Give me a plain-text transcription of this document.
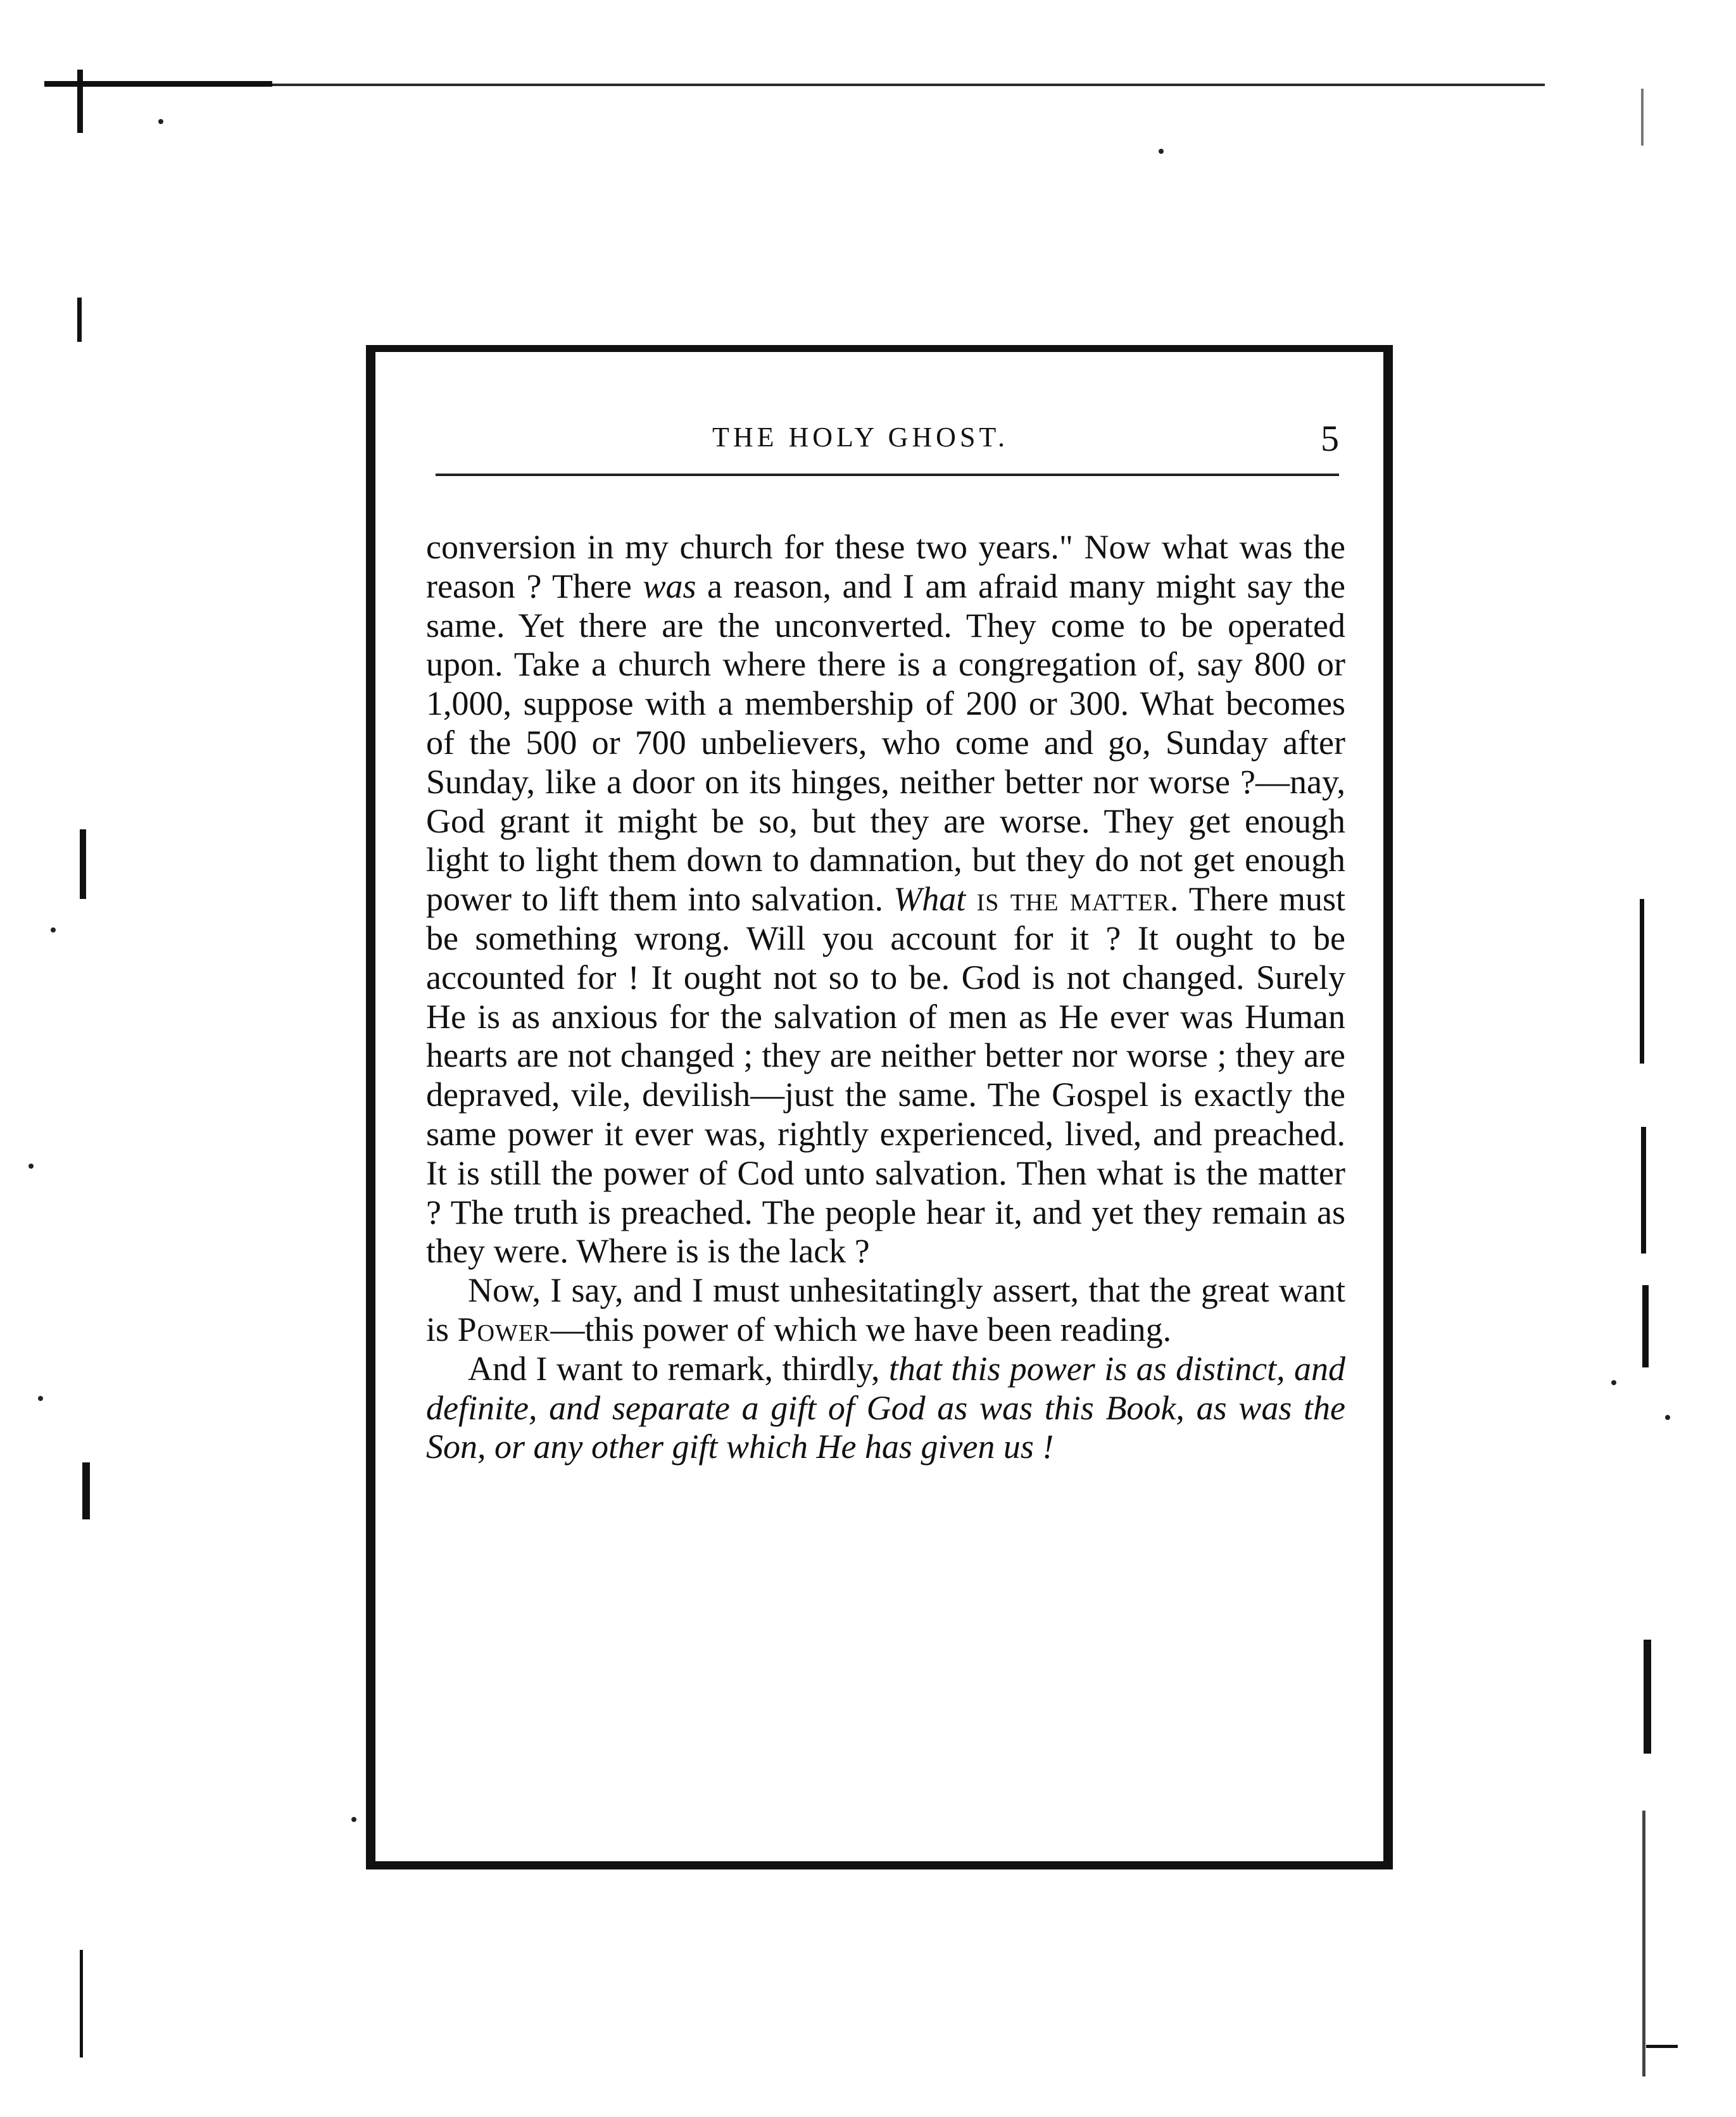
THE HOLY GHOST.	5

conversion in my church for these two years." Now what was the reason ? There was a reason, and I am afraid many might say the same. Yet there are the unconverted. They come to be operated upon. Take a church where there is a congregation of, say 800 or 1,000, suppose with a membership of 200 or 300. What becomes of the 500 or 700 unbelievers, who come and go, Sunday after Sunday, like a door on its hinges, neither better nor worse ?—nay, God grant it might be so, but they are worse. They get enough light to light them down to damnation, but they do not get enough power to lift them into salvation. What is the matter. There must be something wrong. Will you account for it ? It ought to be accounted for ! It ought not so to be. God is not changed. Surely He is as anxious for the salvation of men as He ever was Human hearts are not changed ; they are neither better nor worse ; they are depraved, vile, devilish—just the same. The Gospel is exactly the same power it ever was, rightly experienced, lived, and preached. It is still the power of Cod unto salvation. Then what is the matter ? The truth is preached. The people hear it, and yet they remain as they were. Where is is the lack ?

Now, I say, and I must unhesitatingly assert, that the great want is Power—this power of which we have been reading.

And I want to remark, thirdly, that this power is as distinct, and definite, and separate a gift of God as was this Book, as was the Son, or any other gift which He has given us !
